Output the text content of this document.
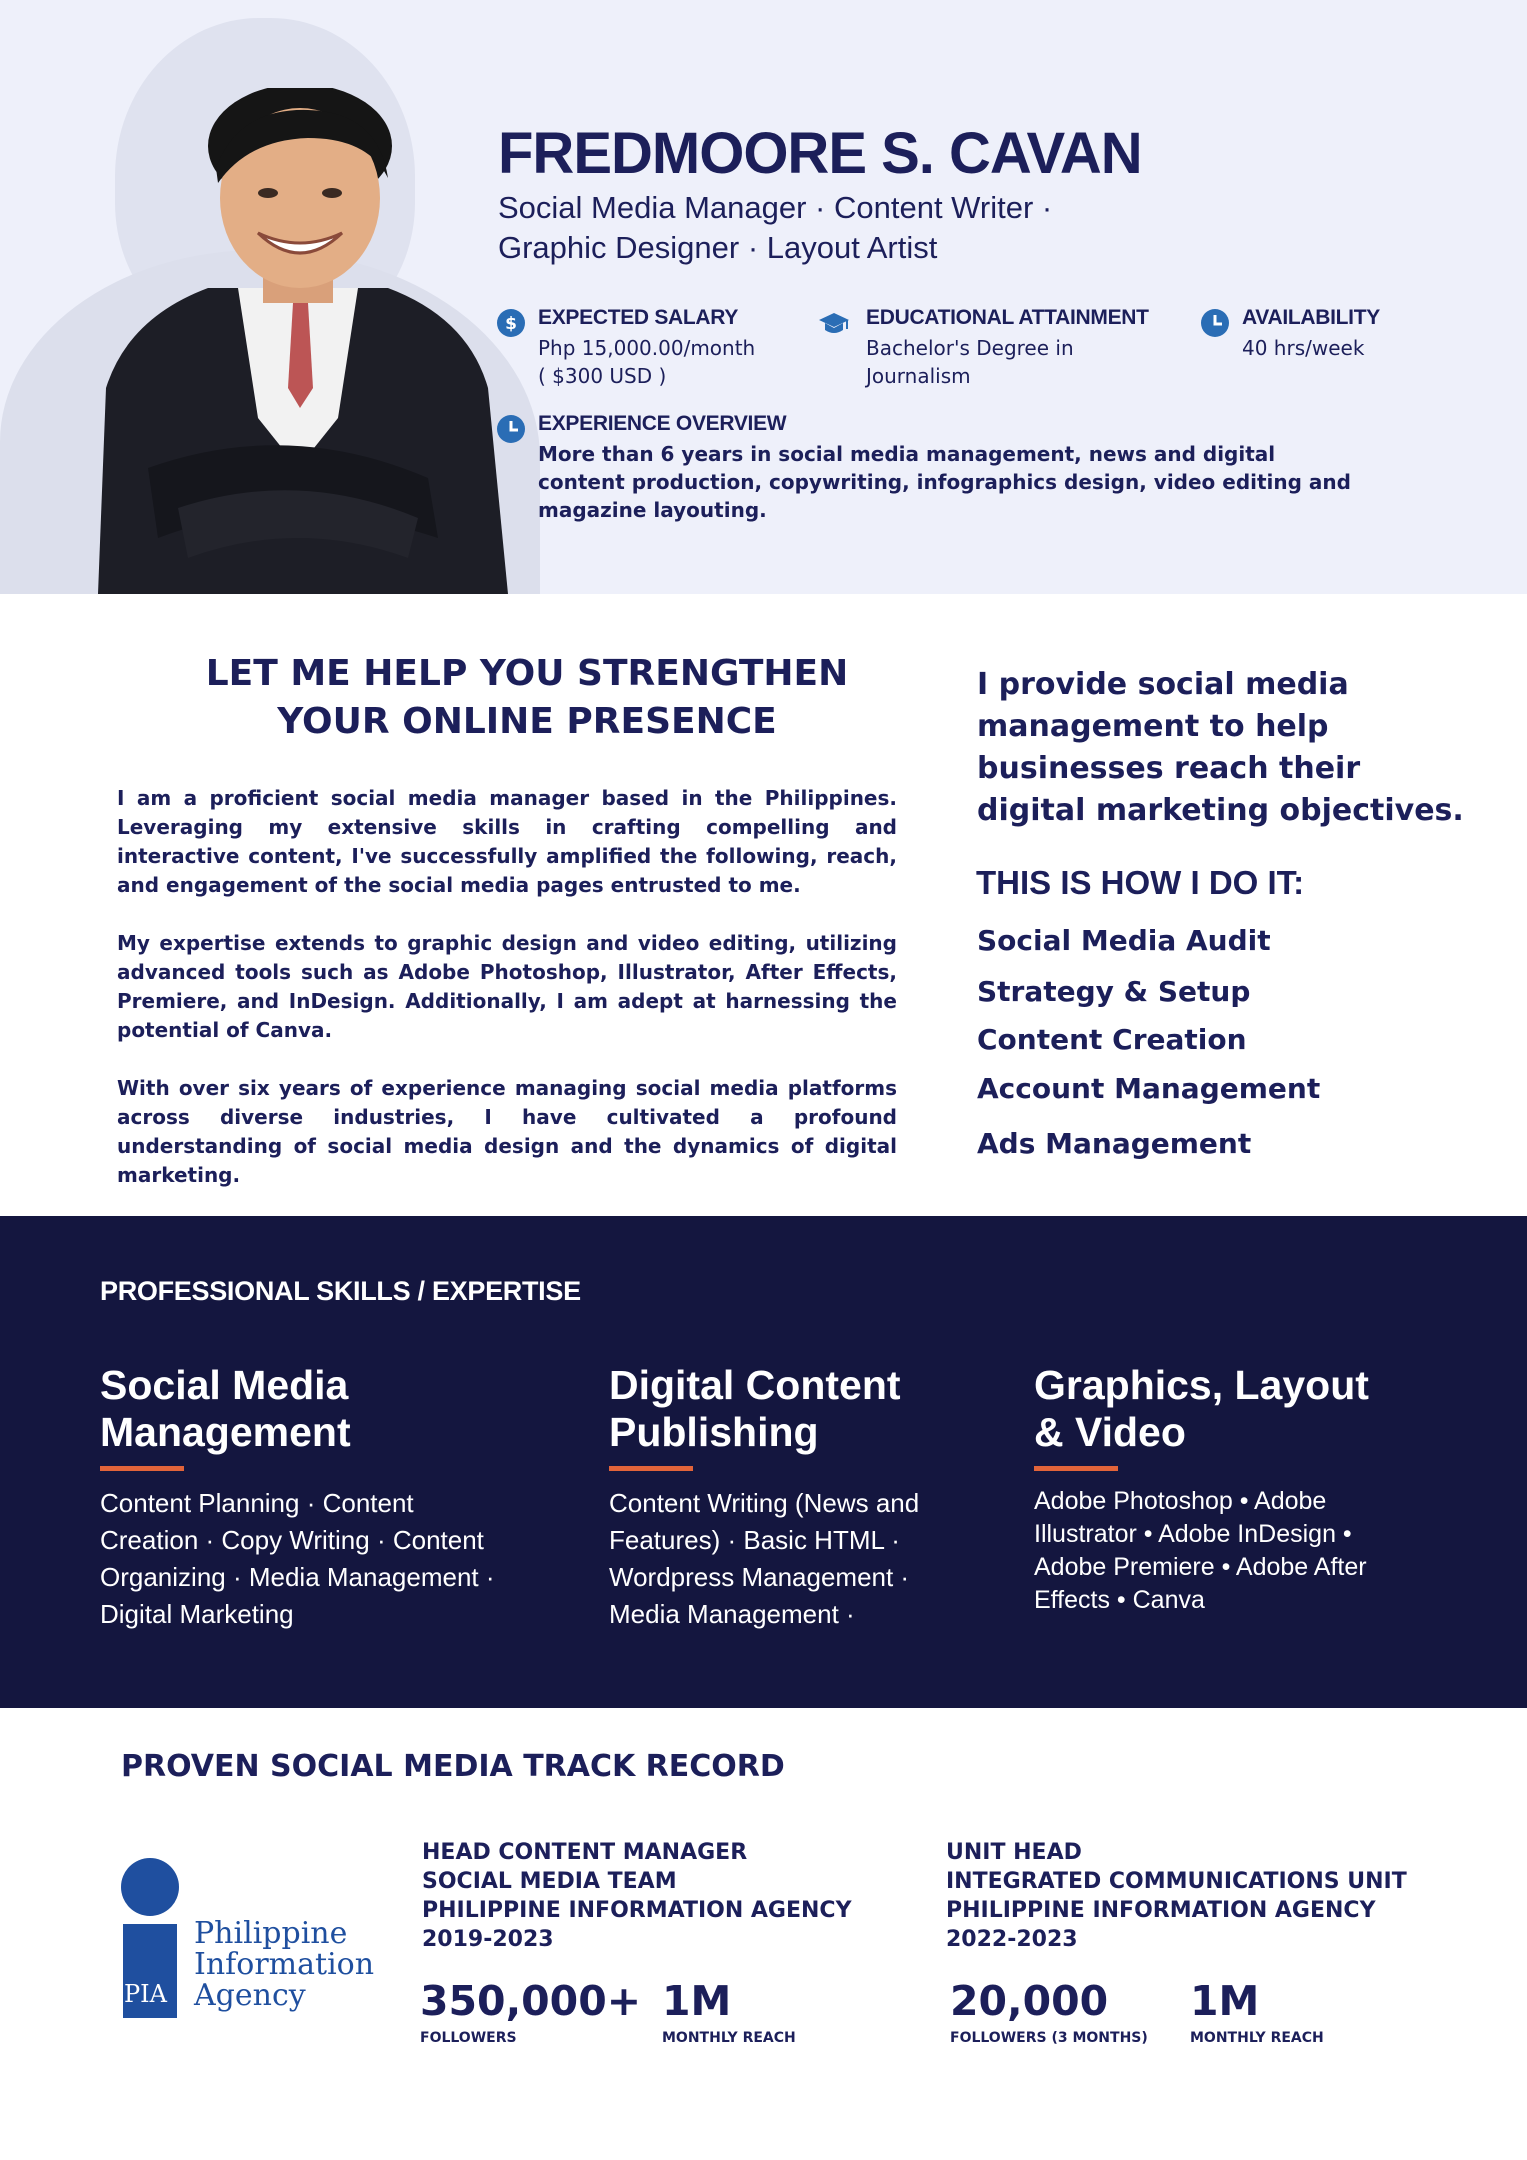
FREDMOORE S. CAVAN
Social Media Manager · Content Writer ·
Graphic Designer · Layout Artist
$ EXPECTED SALARY
Php 15,000.00/month
( $300 USD )
EDUCATIONAL ATTAINMENT
Bachelor's Degree in
Journalism
AVAILABILITY
40 hrs/week
EXPERIENCE OVERVIEW
More than 6 years in social media management, news and digital content production, copywriting, infographics design, video editing and magazine layouting.
LET ME HELP YOU STRENGTHEN
YOUR ONLINE PRESENCE

I am a proficient social media manager based in the Philippines. Leveraging my extensive skills in crafting compelling and interactive content, I've successfully amplified the following, reach, and engagement of the social media pages entrusted to me.

My expertise extends to graphic design and video editing, utilizing advanced tools such as Adobe Photoshop, Illustrator, After Effects, Premiere, and InDesign. Additionally, I am adept at harnessing the potential of Canva.

With over six years of experience managing social media platforms across diverse industries, I have cultivated a profound understanding of social media design and the dynamics of digital marketing.

I provide social media management to help businesses reach their digital marketing objectives.
THIS IS HOW I DO IT:
Social Media Audit
Strategy & Setup
Content Creation
Account Management
Ads Management
PROFESSIONAL SKILLS / EXPERTISE
Social Media
Management
Content Planning · Content
Creation · Copy Writing · Content
Organizing · Media Management ·
Digital Marketing
Digital Content
Publishing
Content Writing (News and
Features) · Basic HTML ·
Wordpress Management ·
Media Management ·
Graphics, Layout
& Video
Adobe Photoshop • Adobe
Illustrator • Adobe InDesign •
Adobe Premiere • Adobe After
Effects • Canva
PROVEN SOCIAL MEDIA TRACK RECORD
Philippine
Information
Agency
PIA
HEAD CONTENT MANAGER
SOCIAL MEDIA TEAM
PHILIPPINE INFORMATION AGENCY
2019-2023
350,000+
FOLLOWERS
1M
MONTHLY REACH
UNIT HEAD
INTEGRATED COMMUNICATIONS UNIT
PHILIPPINE INFORMATION AGENCY
2022-2023
20,000
FOLLOWERS (3 MONTHS)
1M
MONTHLY REACH
